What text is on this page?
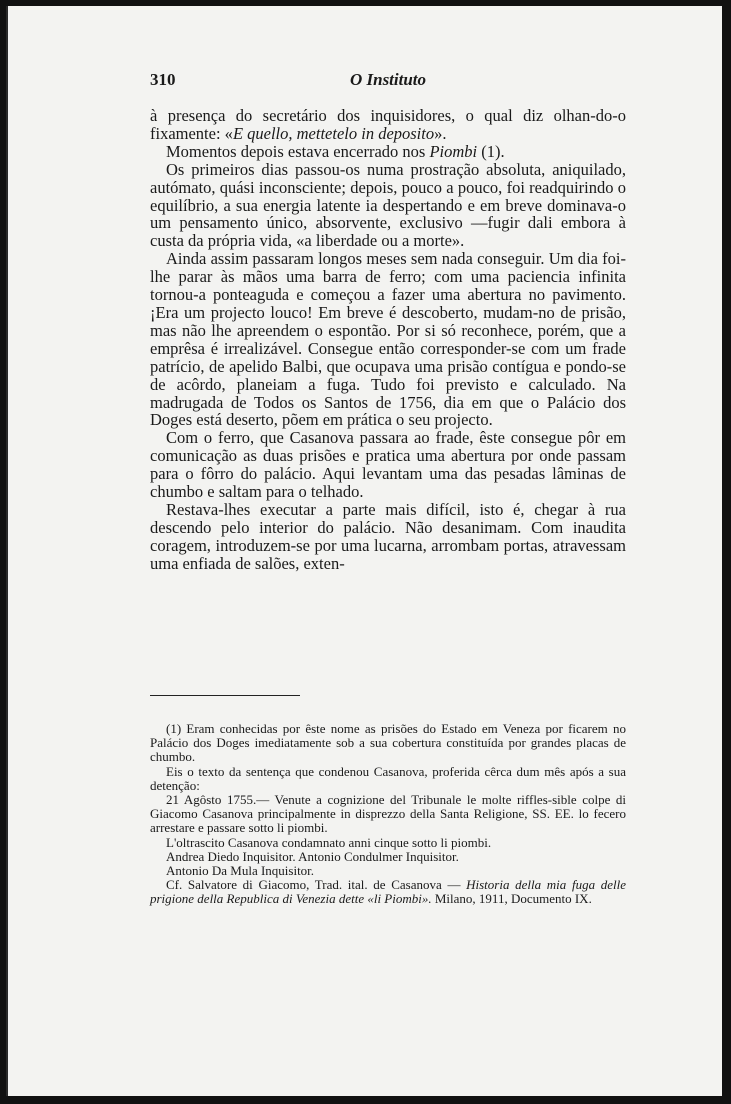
310	O Instituto

à presença do secretário dos inquisidores, o qual diz olhan-do-o fixamente: «E quello, mettetelo in deposito».

Momentos depois estava encerrado nos Piombi (1).

Os primeiros dias passou-os numa prostração absoluta, aniquilado, autómato, quási inconsciente; depois, pouco a pouco, foi readquirindo o equilíbrio, a sua energia latente ia despertando e em breve dominava-o um pensamento único, absorvente, exclusivo —fugir dali embora à custa da própria vida, «a liberdade ou a morte».

Ainda assim passaram longos meses sem nada conseguir. Um dia foi-lhe parar às mãos uma barra de ferro; com uma paciencia infinita tornou-a ponteaguda e começou a fazer uma abertura no pavimento. ¡Era um projecto louco! Em breve é descoberto, mudam-no de prisão, mas não lhe apreendem o espontão. Por si só reconhece, porém, que a emprêsa é irrealizável. Consegue então corresponder-se com um frade patrício, de apelido Balbi, que ocupava uma prisão contígua e pondo-se de acôrdo, planeiam a fuga. Tudo foi previsto e calculado. Na madrugada de Todos os Santos de 1756, dia em que o Palácio dos Doges está deserto, põem em prática o seu projecto.

Com o ferro, que Casanova passara ao frade, êste consegue pôr em comunicação as duas prisões e pratica uma abertura por onde passam para o fôrro do palácio. Aqui levantam uma das pesadas lâminas de chumbo e saltam para o telhado.

Restava-lhes executar a parte mais difícil, isto é, chegar à rua descendo pelo interior do palácio. Não desanimam. Com inaudita coragem, introduzem-se por uma lucarna, arrombam portas, atravessam uma enfiada de salões, exten-

(1) Eram conhecidas por êste nome as prisões do Estado em Veneza por ficarem no Palácio dos Doges imediatamente sob a sua cobertura constituída por grandes placas de chumbo.

Eis o texto da sentença que condenou Casanova, proferida cêrca dum mês após a sua detenção:

21 Agôsto 1755.— Venute a cognizione del Tribunale le molte riffles-sible colpe di Giacomo Casanova principalmente in disprezzo della Santa Religione, SS. EE. lo fecero arrestare e passare sotto li piombi.

L'oltrascito Casanova condamnato anni cinque sotto li piombi.

Andrea Diedo Inquisitor. Antonio Condulmer Inquisitor.

Antonio Da Mula Inquisitor.

Cf. Salvatore di Giacomo, Trad. ital. de Casanova — Historia della mia fuga delle prigione della Republica di Venezia dette «li Piombi». Milano, 1911, Documento IX.
